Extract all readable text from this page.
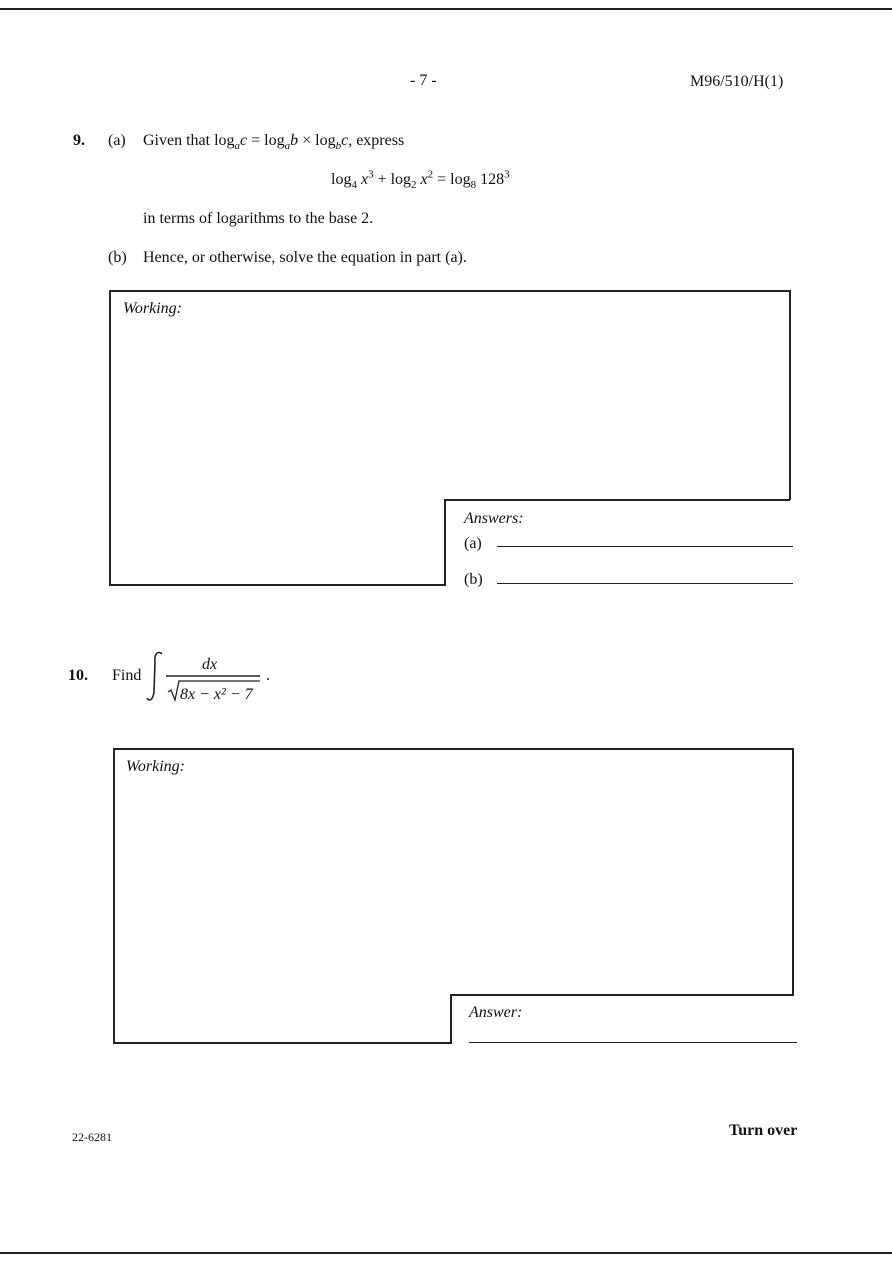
- 7 -	M96/510/H(1)
9. (a) Given that $\log_ac = \log_ab \times \log_bc$, express
$\log_4 x^3 + \log_2 x^2 = \log_8 128^3$
in terms of logarithms to the base 2.
(b) Hence, or otherwise, solve the equation in part (a).
Working:
Answers:
(a)
(b)
10. Find	.
dx
8x − x² − 7
Working:
Answer:
22-6281	Turn over
